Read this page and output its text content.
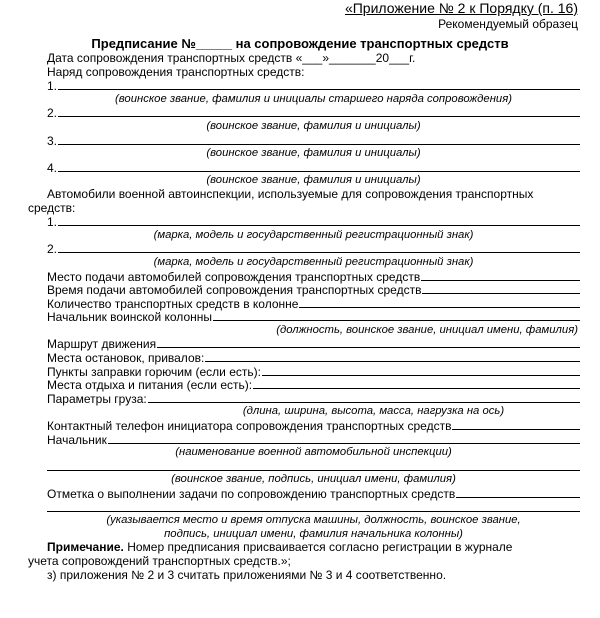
«Приложение № 2 к Порядку (п. 16)
Рекомендуемый образец
Предписание №_____ на сопровождение транспортных средств
Дата сопровождения транспортных средств «___»_______20___г.
Наряд сопровождения транспортных средств:
1.
(воинское звание, фамилия и инициалы старшего наряда сопровождения)
2.
(воинское звание, фамилия и инициалы)
3.
(воинское звание, фамилия и инициалы)
4.
(воинское звание, фамилия и инициалы)
Автомобили военной автоинспекции, используемые для сопровождения транспортных
средств:
1.
(марка, модель и государственный регистрационный знак)
2.
(марка, модель и государственный регистрационный знак)
Место подачи автомобилей сопровождения транспортных средств
Время подачи автомобилей сопровождения транспортных средств
Количество транспортных средств в колонне
Начальник воинской колонны
(должность, воинское звание, инициал имени, фамилия)
Маршрут движения
Места остановок, привалов:
Пункты заправки горючим (если есть):
Места отдыха и питания (если есть):
Параметры груза:
(длина, ширина, высота, масса, нагрузка на ось)
Контактный телефон инициатора сопровождения транспортных средств
Начальник
(наименование военной автомобильной инспекции)
(воинское звание, подпись, инициал имени, фамилия)
Отметка о выполнении задачи по сопровождению транспортных средств
(указывается место и время отпуска машины, должность, воинское звание,
подпись, инициал имени, фамилия начальника колонны)
Примечание. Номер предписания присваивается согласно регистрации в журнале
учета сопровождений транспортных средств.»;
з) приложения № 2 и 3 считать приложениями № 3 и 4 соответственно.
